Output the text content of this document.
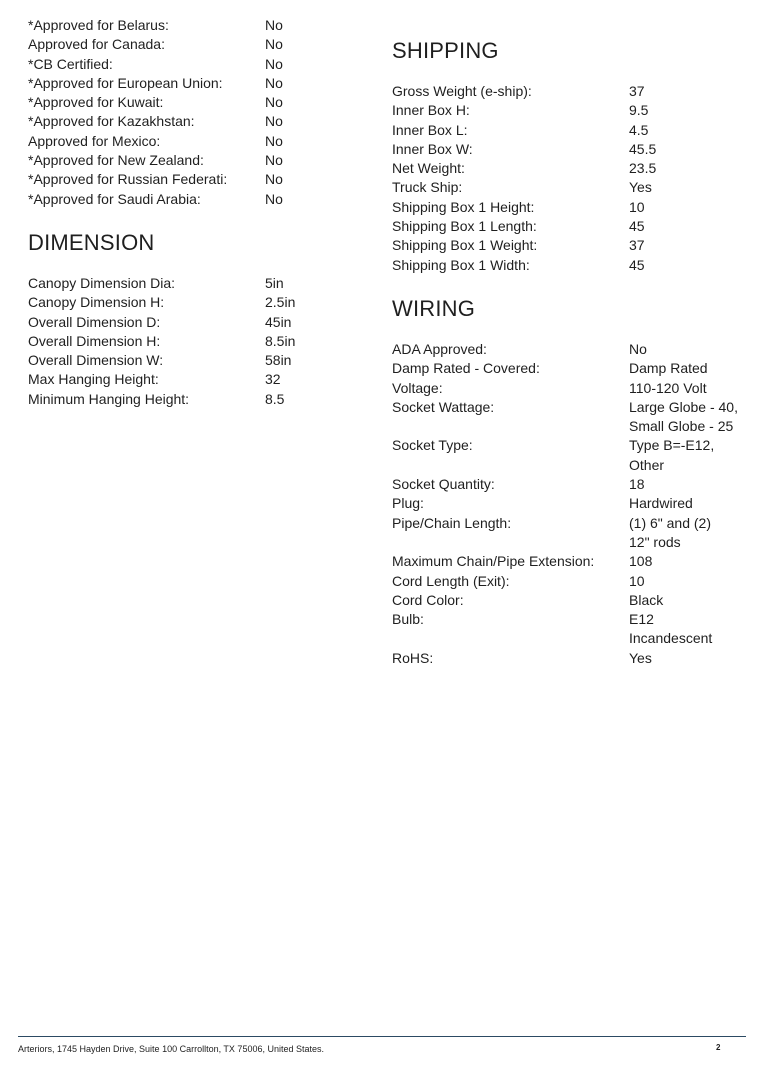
*Approved for Belarus:	No
Approved for Canada:	No
*CB Certified:	No
*Approved for European Union:	No
*Approved for Kuwait:	No
*Approved for Kazakhstan:	No
Approved for Mexico:	No
*Approved for New Zealand:	No
*Approved for Russian Federati:	No
*Approved for Saudi Arabia:	No
DIMENSION
Canopy Dimension Dia:	5in
Canopy Dimension H:	2.5in
Overall Dimension D:	45in
Overall Dimension H:	8.5in
Overall Dimension W:	58in
Max Hanging Height:	32
Minimum Hanging Height:	8.5
SHIPPING
Gross Weight (e-ship):	37
Inner Box H:	9.5
Inner Box L:	4.5
Inner Box W:	45.5
Net Weight:	23.5
Truck Ship:	Yes
Shipping Box 1 Height:	10
Shipping Box 1 Length:	45
Shipping Box 1 Weight:	37
Shipping Box 1 Width:	45
WIRING
ADA Approved:	No
Damp Rated - Covered:	Damp Rated
Voltage:	110-120 Volt
Socket Wattage:	Large Globe - 40,
Small Globe - 25
Socket Type:	Type B=-E12,
Other
Socket Quantity:	18
Plug:	Hardwired
Pipe/Chain Length:	(1) 6" and (2)
12" rods
Maximum Chain/Pipe Extension:	108
Cord Length (Exit):	10
Cord Color:	Black
Bulb:	E12
Incandescent
RoHS:	Yes
Arteriors, 1745 Hayden Drive, Suite 100 Carrollton, TX 75006, United States.	2
